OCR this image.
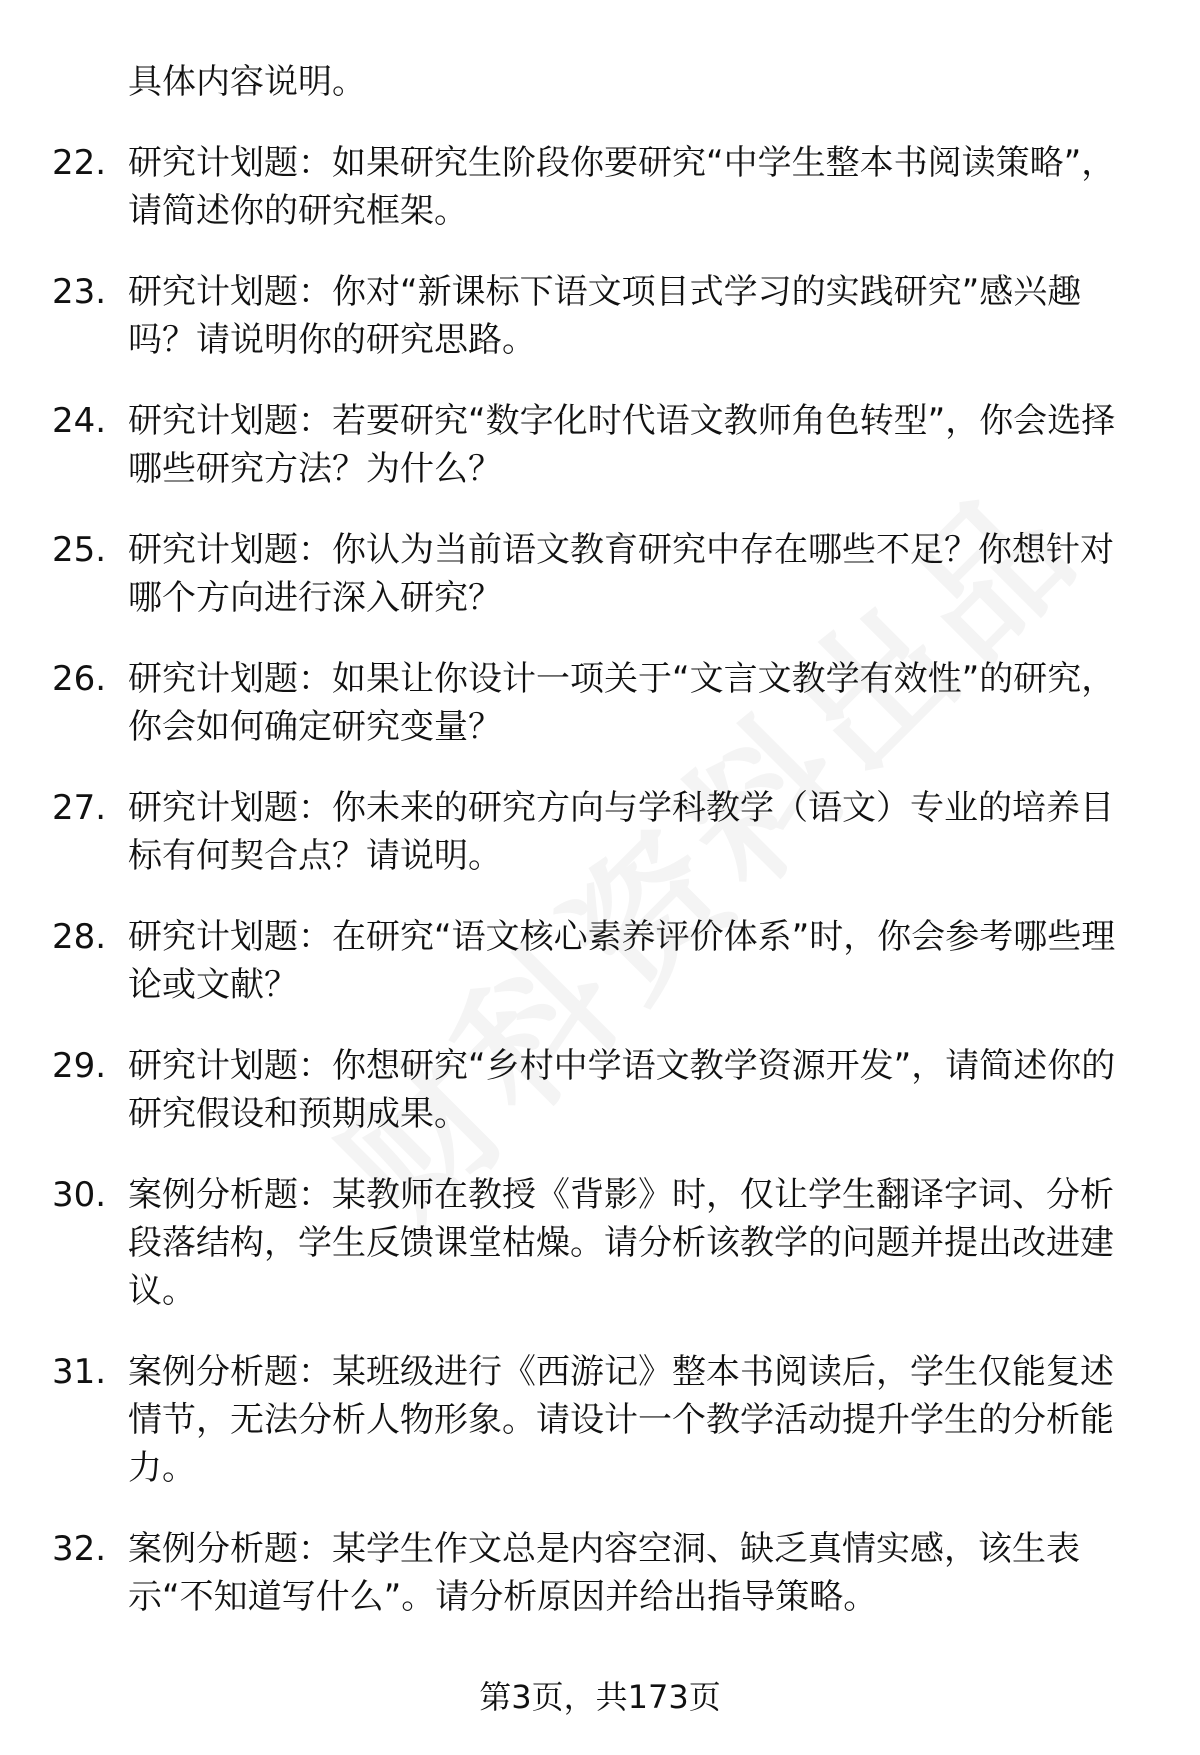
具体内容说明。
22. 研究计划题：如果研究生阶段你要研究“中学生整本书阅读策略”，请简述你的研究框架。
23. 研究计划题：你对“新课标下语文项目式学习的实践研究”感兴趣吗？请说明你的研究思路。
24. 研究计划题：若要研究“数字化时代语文教师角色转型”，你会选择哪些研究方法？为什么？
25. 研究计划题：你认为当前语文教育研究中存在哪些不足？你想针对哪个方向进行深入研究？
26. 研究计划题：如果让你设计一项关于“文言文教学有效性”的研究，你会如何确定研究变量？
27. 研究计划题：你未来的研究方向与学科教学（语文）专业的培养目标有何契合点？请说明。
28. 研究计划题：在研究“语文核心素养评价体系”时，你会参考哪些理论或文献？
29. 研究计划题：你想研究“乡村中学语文教学资源开发”，请简述你的研究假设和预期成果。
30. 案例分析题：某教师在教授《背影》时，仅让学生翻译字词、分析段落结构，学生反馈课堂枯燥。请分析该教学的问题并提出改进建议。
31. 案例分析题：某班级进行《西游记》整本书阅读后，学生仅能复述情节，无法分析人物形象。请设计一个教学活动提升学生的分析能力。
32. 案例分析题：某学生作文总是内容空洞、缺乏真情实感，该生表示“不知道写什么”。请分析原因并给出指导策略。
第3页，共173页
